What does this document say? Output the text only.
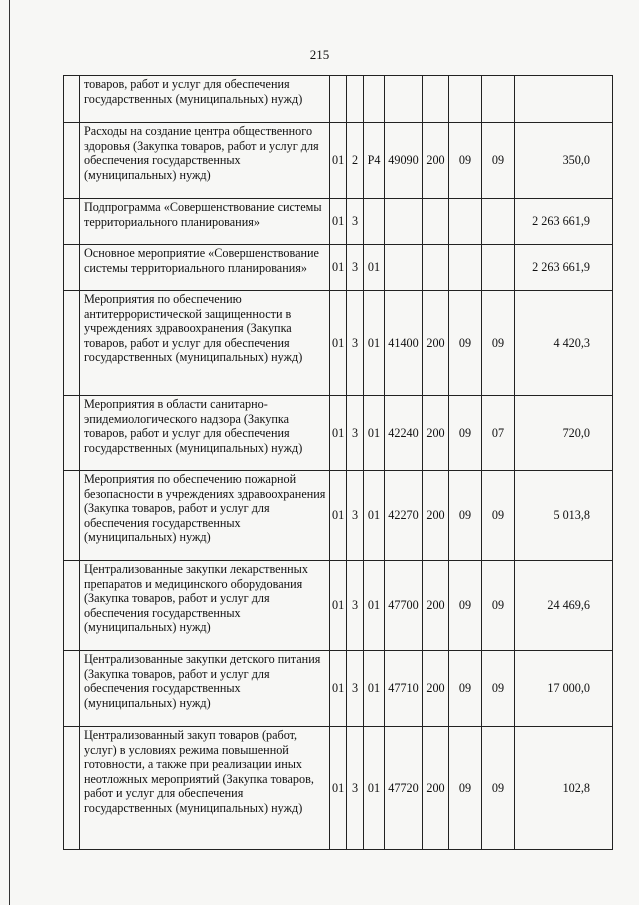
215
	товаров, работ и услуг для обеспечения государственных (муниципальных) нужд)								
	Расходы на создание центра общественного здоровья (Закупка товаров, работ и услуг для обеспечения государственных (муниципальных) нужд)	01	2	P4	49090	200	09	09	350,0
	Подпрограмма «Совершенствование системы территориального планирования»	01	3						2 263 661,9
	Основное мероприятие «Совершенствование системы территориального планирования»	01	3	01					2 263 661,9
	Мероприятия по обеспечению антитеррористической защищенности в учреждениях здравоохранения (Закупка товаров, работ и услуг для обеспечения государственных (муниципальных) нужд)	01	3	01	41400	200	09	09	4 420,3
	Мероприятия в области санитарно-эпидемиологического надзора (Закупка товаров, работ и услуг для обеспечения государственных (муниципальных) нужд)	01	3	01	42240	200	09	07	720,0
	Мероприятия по обеспечению пожарной безопасности в учреждениях здравоохранения (Закупка товаров, работ и услуг для обеспечения государственных (муниципальных) нужд)	01	3	01	42270	200	09	09	5 013,8
	Централизованные закупки лекарственных препаратов и медицинского оборудования (Закупка товаров, работ и услуг для обеспечения государственных (муниципальных) нужд)	01	3	01	47700	200	09	09	24 469,6
	Централизованные закупки детского питания (Закупка товаров, работ и услуг для обеспечения государственных (муниципальных) нужд)	01	3	01	47710	200	09	09	17 000,0
	Централизованный закуп товаров (работ, услуг) в условиях режима повышенной готовности, а также при реализации иных неотложных мероприятий (Закупка товаров, работ и услуг для обеспечения государственных (муниципальных) нужд)	01	3	01	47720	200	09	09	102,8
